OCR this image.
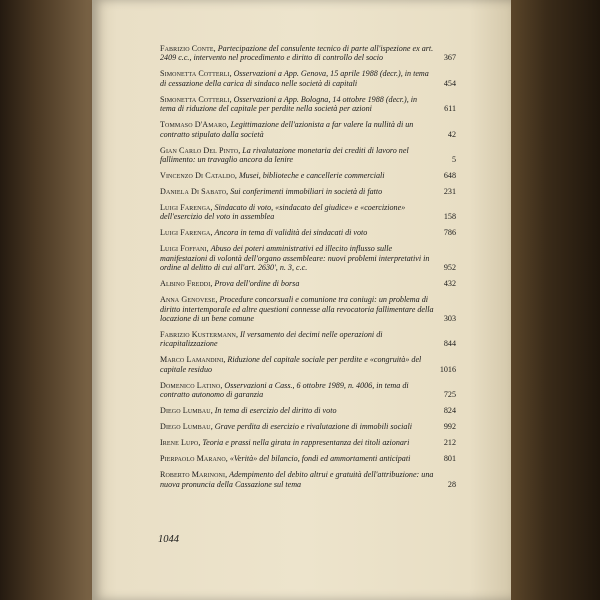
Fabrizio Conte, Partecipazione del consulente tecnico di parte all'ispezione ex art. 2409 c.c., intervento nel procedimento e diritto di controllo del socio	367
Simonetta Cotterli, Osservazioni a App. Genova, 15 aprile 1988 (decr.), in tema di cessazione della carica di sindaco nelle società di capitali	454
Simonetta Cotterli, Osservazioni a App. Bologna, 14 ottobre 1988 (decr.), in tema di riduzione del capitale per perdite nella società per azioni	611
Tommaso D'Amaro, Legittimazione dell'azionista a far valere la nullità di un contratto stipulato dalla società	42
Gian Carlo Del Pinto, La rivalutazione monetaria dei crediti di lavoro nel fallimento: un travaglio ancora da lenire	5
Vincenzo Di Cataldo, Musei, biblioteche e cancellerie commerciali	648
Daniela Di Sabato, Sui conferimenti immobiliari in società di fatto	231
Luigi Farenga, Sindacato di voto, «sindacato del giudice» e «coercizione» dell'esercizio del voto in assemblea	158
Luigi Farenga, Ancora in tema di validità dei sindacati di voto	786
Luigi Foffani, Abuso dei poteri amministrativi ed illecito influsso sulle manifestazioni di volontà dell'organo assembleare: nuovi problemi interpretativi in ordine al delitto di cui all'art. 2630', n. 3, c.c.	952
Albino Freddi, Prova dell'ordine di borsa	432
Anna Genovese, Procedure concorsuali e comunione tra coniugi: un problema di diritto intertemporale ed altre questioni connesse alla revocatoria fallimentare della locazione di un bene comune	303
Fabrizio Kustermann, Il versamento dei decimi nelle operazioni di ricapitalizzazione	844
Marco Lamandini, Riduzione del capitale sociale per perdite e «congruità» del capitale residuo	1016
Domenico Latino, Osservazioni a Cass., 6 ottobre 1989, n. 4006, in tema di contratto autonomo di garanzia	725
Diego Lumbau, In tema di esercizio del diritto di voto	824
Diego Lumbau, Grave perdita di esercizio e rivalutazione di immobili sociali	992
Irene Lupo, Teoria e prassi nella girata in rappresentanza dei titoli azionari	212
Pierpaolo Marano, «Verità» del bilancio, fondi ed ammortamenti anticipati	801
Roberto Marinoni, Adempimento del debito altrui e gratuità dell'attribuzione: una nuova pronuncia della Cassazione sul tema	28
1044
